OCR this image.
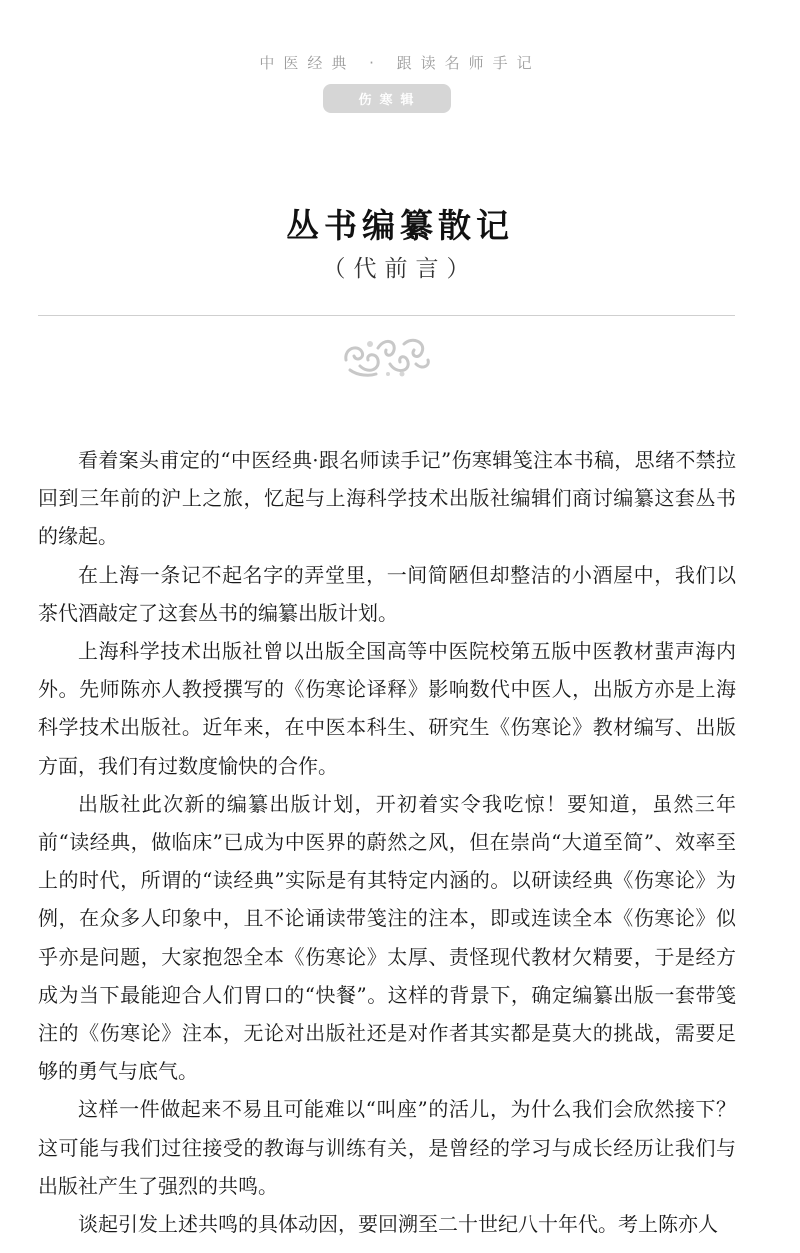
中医经典 · 跟读名师手记
伤寒辑
丛书编纂散记
（代前言）

看着案头甫定的“中医经典·跟名师读手记”伤寒辑笺注本书稿，思绪不禁拉回到三年前的沪上之旅，忆起与上海科学技术出版社编辑们商讨编纂这套丛书的缘起。

在上海一条记不起名字的弄堂里，一间简陋但却整洁的小酒屋中，我们以茶代酒敲定了这套丛书的编纂出版计划。

上海科学技术出版社曾以出版全国高等中医院校第五版中医教材蜚声海内外。先师陈亦人教授撰写的《伤寒论译释》影响数代中医人，出版方亦是上海科学技术出版社。近年来，在中医本科生、研究生《伤寒论》教材编写、出版方面，我们有过数度愉快的合作。

出版社此次新的编纂出版计划，开初着实令我吃惊！要知道，虽然三年前“读经典，做临床”已成为中医界的蔚然之风，但在崇尚“大道至简”、效率至上的时代，所谓的“读经典”实际是有其特定内涵的。以研读经典《伤寒论》为例，在众多人印象中，且不论诵读带笺注的注本，即或连读全本《伤寒论》似乎亦是问题，大家抱怨全本《伤寒论》太厚、责怪现代教材欠精要，于是经方成为当下最能迎合人们胃口的“快餐”。这样的背景下，确定编纂出版一套带笺注的《伤寒论》注本，无论对出版社还是对作者其实都是莫大的挑战，需要足够的勇气与底气。

这样一件做起来不易且可能难以“叫座”的活儿，为什么我们会欣然接下？这可能与我们过往接受的教诲与训练有关，是曾经的学习与成长经历让我们与出版社产生了强烈的共鸣。

谈起引发上述共鸣的具体动因，要回溯至二十世纪八十年代。考上陈亦人
